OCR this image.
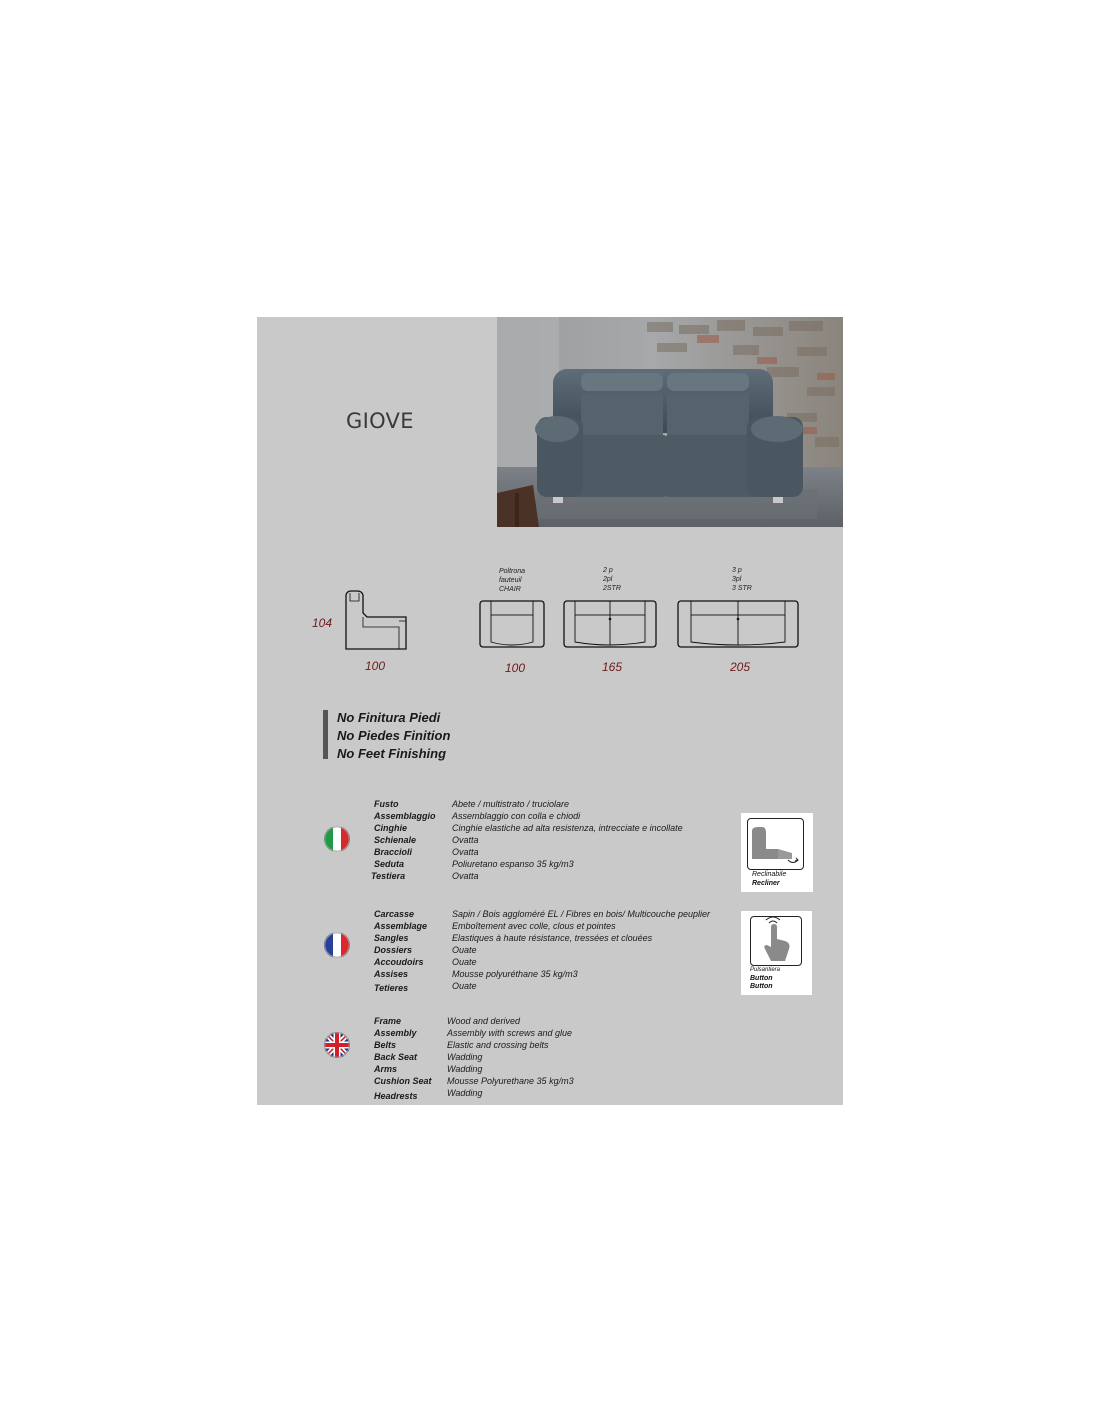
GIOVE
104
100
Poltrona
fauteuil
CHAIR
2 p
2pl
2STR
3 p
3pl
3 STR
100	165	205
No Finitura Piedi
No Piedes Finition
No Feet Finishing
Fusto
Assemblaggio
Cinghie
Schienale
Braccioli
Seduta
Testiera
Abete / multistrato / truciolare
Assemblaggio con colla e chiodi
Cinghie elastiche ad alta resistenza, intrecciate e incollate
Ovatta
Ovatta
Poliuretano espanso 35 kg/m3
Ovatta
Carcasse
Assemblage
Sangles
Dossiers
Accoudoirs
Assises
Tetieres
Sapin / Bois aggloméré EL / Fibres en bois/ Multicouche peuplier
Emboîtement avec colle, clous et pointes
Elastiques à haute résistance, tressées et clouées
Ouate
Ouate
Mousse polyuréthane 35 kg/m3
Ouate
Frame
Assembly
Belts
Back Seat
Arms
Cushion Seat
Headrests
Wood and derived
Assembly with screws and glue
Elastic and crossing belts
Wadding
Wadding
Mousse Polyurethane 35 kg/m3
Wadding
Reclinabile
Recliner
Pulsantiera
Button
Button
